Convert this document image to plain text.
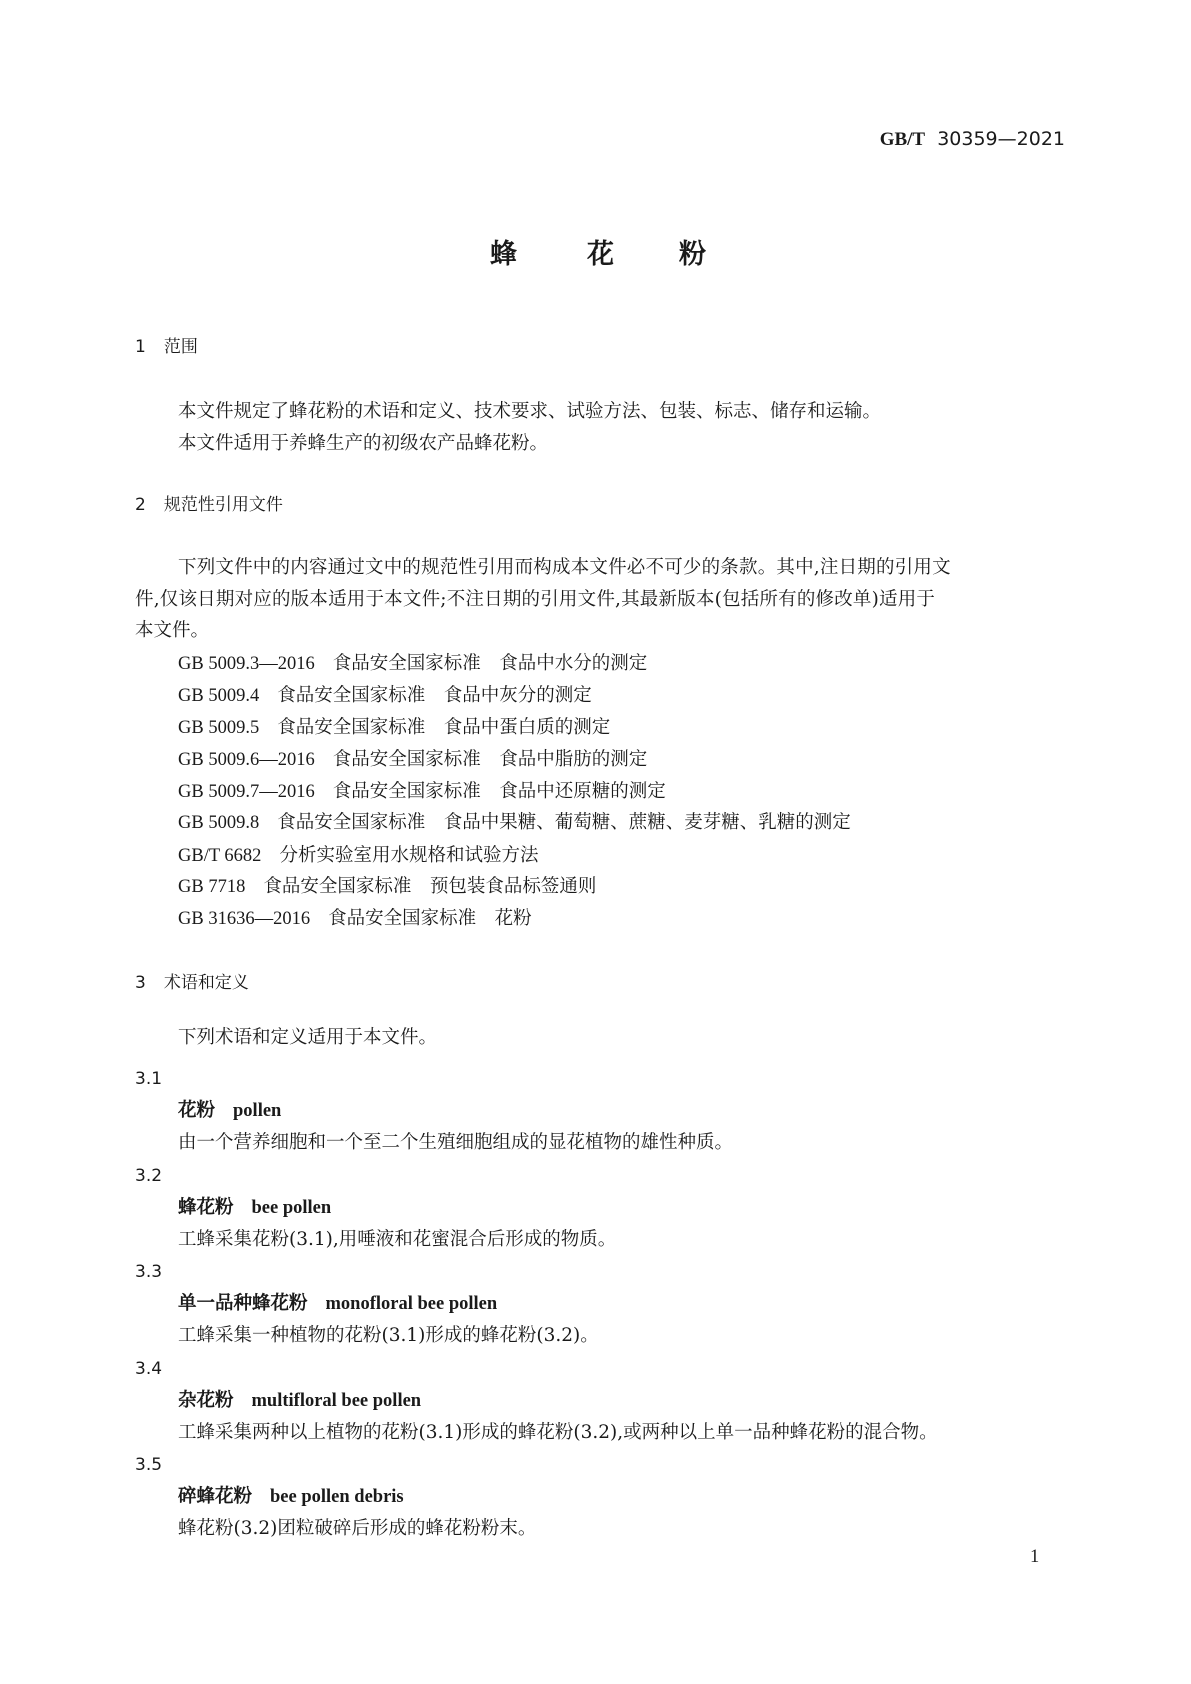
GB/T 30359—2021
蜂	花 粉
1 范围
本文件规定了蜂花粉的术语和定义、技术要求、试验方法、包装、标志、储存和运输。
本文件适用于养蜂生产的初级农产品蜂花粉。
2 规范性引用文件
下列文件中的内容通过文中的规范性引用而构成本文件必不可少的条款。其中,注日期的引用文
件,仅该日期对应的版本适用于本文件;不注日期的引用文件,其最新版本(包括所有的修改单)适用于
本文件。
GB 5009.3—2016 食品安全国家标准　食品中水分的测定
GB 5009.4 食品安全国家标准　食品中灰分的测定
GB 5009.5 食品安全国家标准　食品中蛋白质的测定
GB 5009.6—2016 食品安全国家标准　食品中脂肪的测定
GB 5009.7—2016 食品安全国家标准　食品中还原糖的测定
GB 5009.8 食品安全国家标准　食品中果糖、葡萄糖、蔗糖、麦芽糖、乳糖的测定
GB/T 6682 分析实验室用水规格和试验方法
GB 7718 食品安全国家标准　预包装食品标签通则
GB 31636—2016 食品安全国家标准　花粉
3 术语和定义
下列术语和定义适用于本文件。
3.1
花粉 pollen
由一个营养细胞和一个至二个生殖细胞组成的显花植物的雄性种质。
3.2
蜂花粉 bee pollen
工蜂采集花粉(3.1),用唾液和花蜜混合后形成的物质。
3.3
单一品种蜂花粉 monofloral bee pollen
工蜂采集一种植物的花粉(3.1)形成的蜂花粉(3.2)。
3.4
杂花粉 multifloral bee pollen
工蜂采集两种以上植物的花粉(3.1)形成的蜂花粉(3.2),或两种以上单一品种蜂花粉的混合物。
3.5
碎蜂花粉 bee pollen debris
蜂花粉(3.2)团粒破碎后形成的蜂花粉粉末。
1
